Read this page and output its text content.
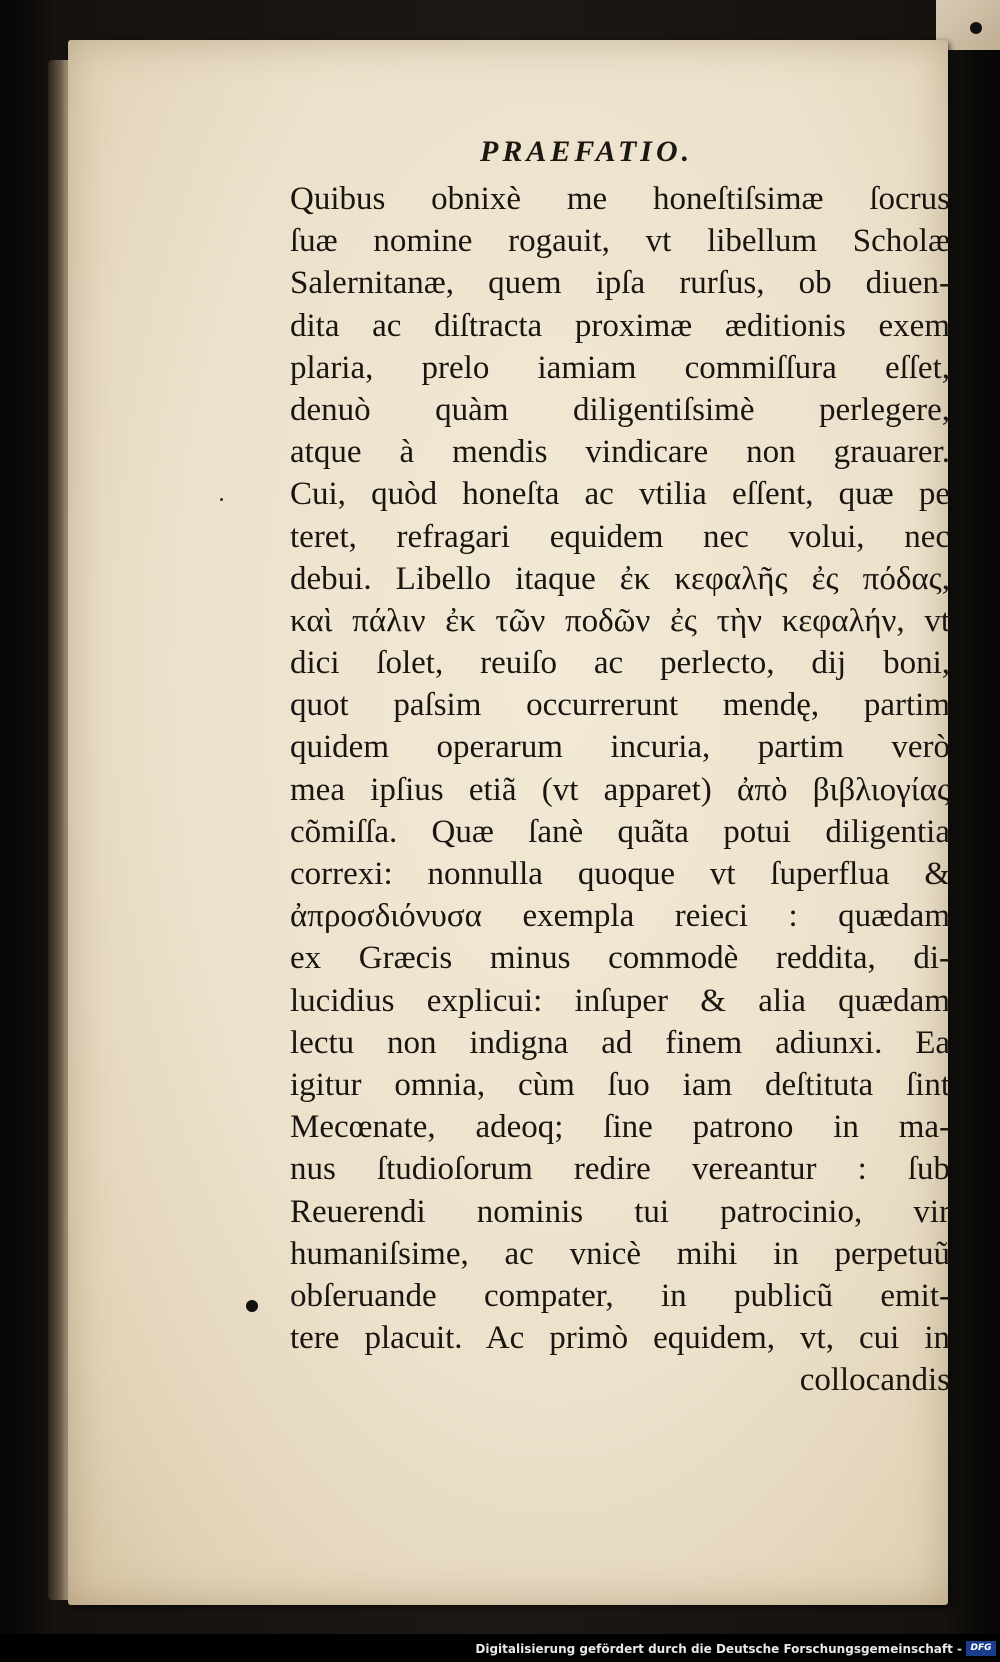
PRAEFATIO.
Quibus obnixè me honeſtiſsimæ ſocrus
ſuæ nomine rogauit, vt libellum Scholæ
Salernitanæ, quem ipſa rurſus, ob diuen-
dita ac diſtracta proximæ æditionis exem
plaria, prelo iamiam commiſſura eſſet,
denuò quàm diligentiſsimè perlegere,
atque à mendis vindicare non grauarer.
Cui, quòd honeſta ac vtilia eſſent, quæ pe
teret, refragari equidem nec volui, nec
debui. Libello itaque ἐκ κεφαλῆς ἐς πόδας,
καὶ πάλιν ἐκ τῶν ποδῶν ἐς τὴν κεφαλήν, vt
dici ſolet, reuiſo ac perlecto, dij boni,
quot paſsim occurrerunt mendę, partim
quidem operarum incuria, partim verò
mea ipſius etiã (vt apparet) ἀπὸ βιβλιογίας
cõmiſſa. Quæ ſanè quãta potui diligentia
correxi: nonnulla quoque vt ſuperflua &
ἀπροσδιόνυσα exempla reieci : quædam
ex Græcis minus commodè reddita, di-
lucidius explicui: inſuper & alia quædam
lectu non indigna ad finem adiunxi. Ea
igitur omnia, cùm ſuo iam deſtituta ſint
Mecœnate, adeoq; ſine patrono in ma-
nus ſtudioſorum redire vereantur : ſub
Reuerendi nominis tui patrocinio, vir
humaniſsime, ac vnicè mihi in perpetuũ
obſeruande compater, in publicũ emit-
tere placuit. Ac primò equidem, vt, cui in
collocandis
Digitalisierung gefördert durch die Deutsche Forschungsgemeinschaft - DFG
